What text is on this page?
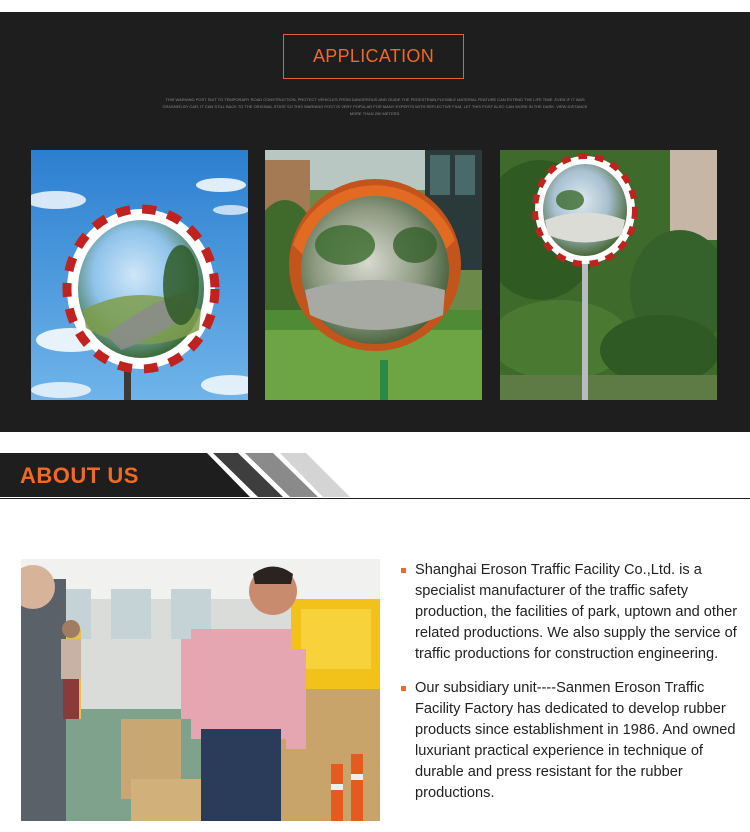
APPLICATION

THIS WARNING POST SUIT TO TEMPORARY ROAD CONSTRUCTION, PROTECT VEHICLES FROM DANGEROUS AND GUIDE THE PEDESTRIAN,FLEXIBLE MATERIAL FEATURE CAN EXTEND THE LIFE TIME. EVEN IF IT WAS CRASHED BY CAR, IT CAN STILL BACK TO THE ORIGINAL STATE SO THIS WARNING POST IS VERY POPULAR FOR MANY EXPERTS.WITH REFLECTIVE FILM, LET THIS POST ALSO CAN WORK IN THE DARK. VIEW DISTANCE MORE THAN 200 METERS.

ABOUT US
Shanghai Eroson Traffic Facility Co.,Ltd. is a specialist manufacturer of the traffic safety production, the facilities of park, uptown and other related productions. We also supply the service of traffic productions for construction engineering.
Our subsidiary unit----Sanmen Eroson Traffic Facility Factory has dedicated to develop rubber products since establishment in 1986. And owned luxuriant practical experience in technique of durable and press resistant for the rubber productions.
